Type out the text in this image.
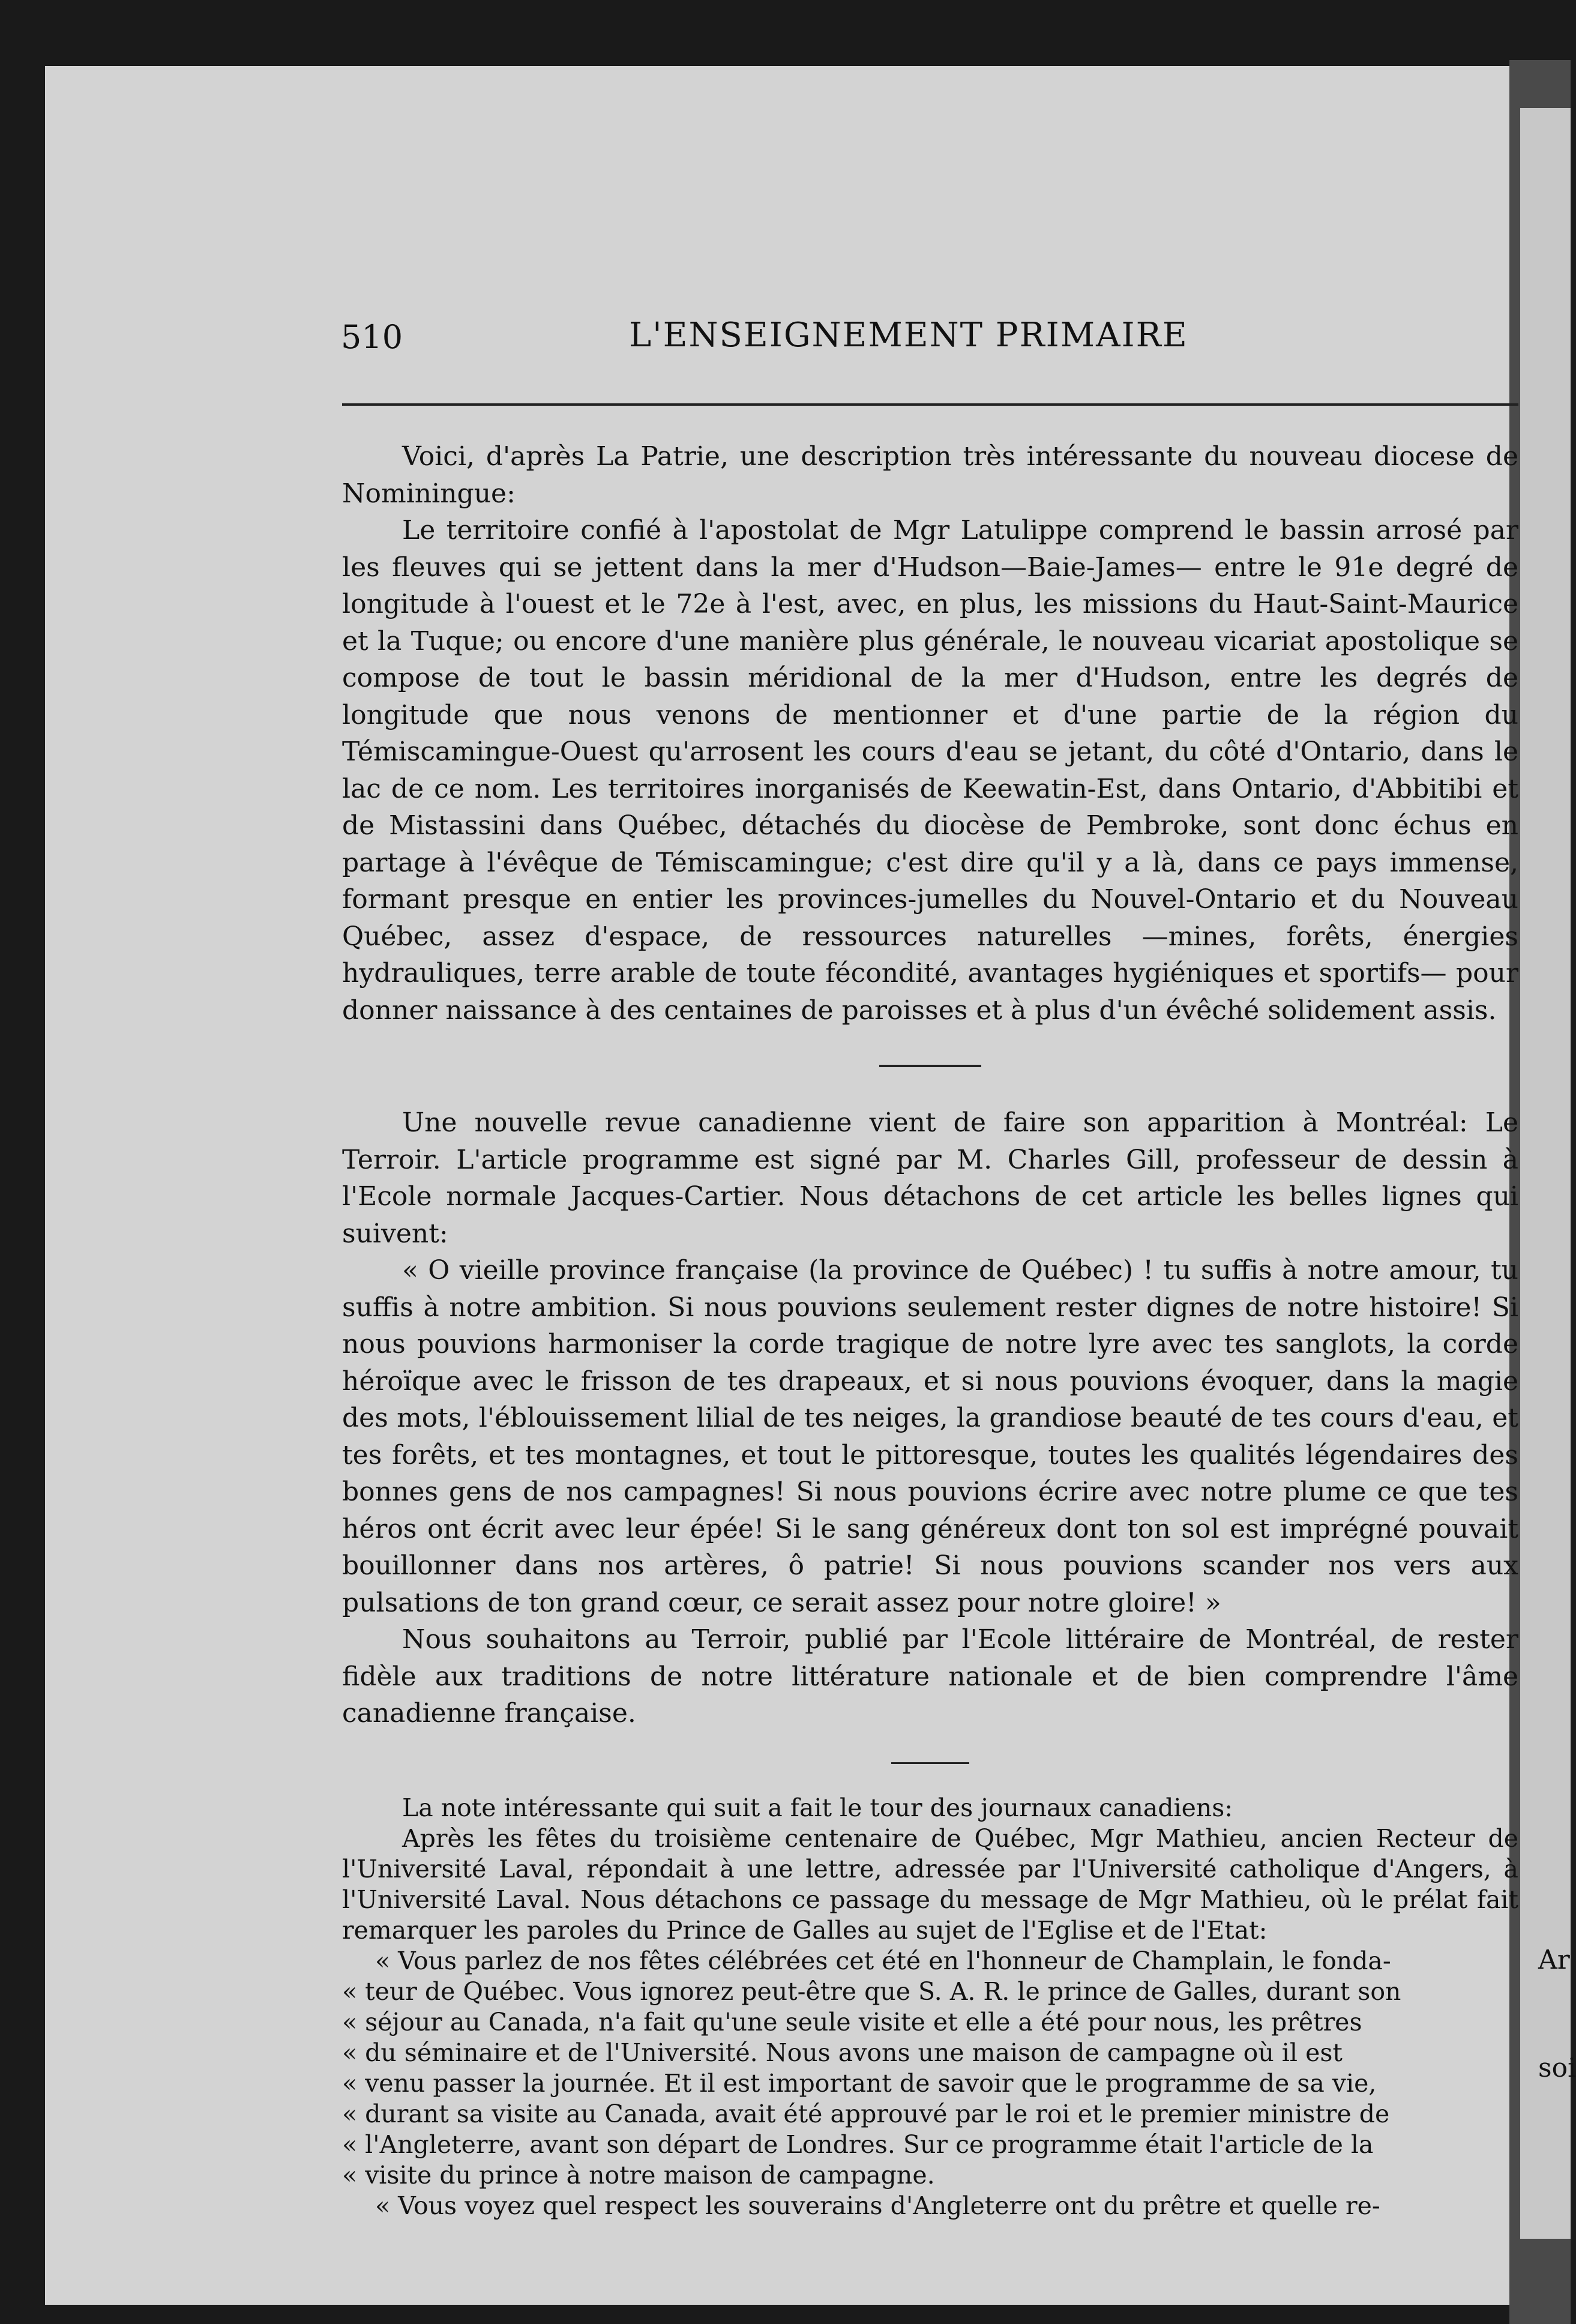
Ar
soi
510	L'ENSEIGNEMENT PRIMAIRE

Voici, d'après La Patrie, une description très intéressante du nouveau diocese de Nominingue:

Le territoire confié à l'apostolat de Mgr Latulippe comprend le bassin arrosé par les fleuves qui se jettent dans la mer d'Hudson—Baie-James— entre le 91e degré de longitude à l'ouest et le 72e à l'est, avec, en plus, les missions du Haut-Saint-Maurice et la Tuque; ou encore d'une manière plus générale, le nouveau vicariat apostolique se compose de tout le bassin méridional de la mer d'Hudson, entre les degrés de longitude que nous venons de mentionner et d'une partie de la région du Témiscamingue-Ouest qu'arrosent les cours d'eau se jetant, du côté d'Ontario, dans le lac de ce nom. Les territoires inorganisés de Keewatin-Est, dans Ontario, d'Abbitibi et de Mistassini dans Québec, détachés du diocèse de Pembroke, sont donc échus en partage à l'évêque de Témiscamingue; c'est dire qu'il y a là, dans ce pays immense, formant presque en entier les provinces-jumelles du Nouvel-Ontario et du Nouveau Québec, assez d'espace, de ressources naturelles —mines, forêts, énergies hydrauliques, terre arable de toute fécondité, avantages hygiéniques et sportifs— pour donner naissance à des centaines de paroisses et à plus d'un évêché solidement assis.

Une nouvelle revue canadienne vient de faire son apparition à Montréal: Le Terroir. L'article programme est signé par M. Charles Gill, professeur de dessin à l'Ecole normale Jacques-Cartier. Nous détachons de cet article les belles lignes qui suivent:

« O vieille province française (la province de Québec) ! tu suffis à notre amour, tu suffis à notre ambition. Si nous pouvions seulement rester dignes de notre histoire! Si nous pouvions harmoniser la corde tragique de notre lyre avec tes sanglots, la corde héroïque avec le frisson de tes drapeaux, et si nous pouvions évoquer, dans la magie des mots, l'éblouissement lilial de tes neiges, la grandiose beauté de tes cours d'eau, et tes forêts, et tes montagnes, et tout le pittoresque, toutes les qualités légendaires des bonnes gens de nos campagnes! Si nous pouvions écrire avec notre plume ce que tes héros ont écrit avec leur épée! Si le sang généreux dont ton sol est imprégné pouvait bouillonner dans nos artères, ô patrie! Si nous pouvions scander nos vers aux pulsations de ton grand cœur, ce serait assez pour notre gloire! »

Nous souhaitons au Terroir, publié par l'Ecole littéraire de Montréal, de rester fidèle aux traditions de notre littérature nationale et de bien comprendre l'âme canadienne française.

La note intéressante qui suit a fait le tour des journaux canadiens:

Après les fêtes du troisième centenaire de Québec, Mgr Mathieu, ancien Recteur de l'Université Laval, répondait à une lettre, adressée par l'Université catholique d'Angers, à l'Université Laval. Nous détachons ce passage du message de Mgr Mathieu, où le prélat fait remarquer les paroles du Prince de Galles au sujet de l'Eglise et de l'Etat:

« Vous parlez de nos fêtes célébrées cet été en l'honneur de Champlain, le fonda-

« teur de Québec. Vous ignorez peut-être que S. A. R. le prince de Galles, durant son

« séjour au Canada, n'a fait qu'une seule visite et elle a été pour nous, les prêtres

« du séminaire et de l'Université. Nous avons une maison de campagne où il est

« venu passer la journée. Et il est important de savoir que le programme de sa vie,

« durant sa visite au Canada, avait été approuvé par le roi et le premier ministre de

« l'Angleterre, avant son départ de Londres. Sur ce programme était l'article de la

« visite du prince à notre maison de campagne.

« Vous voyez quel respect les souverains d'Angleterre ont du prêtre et quelle re-
